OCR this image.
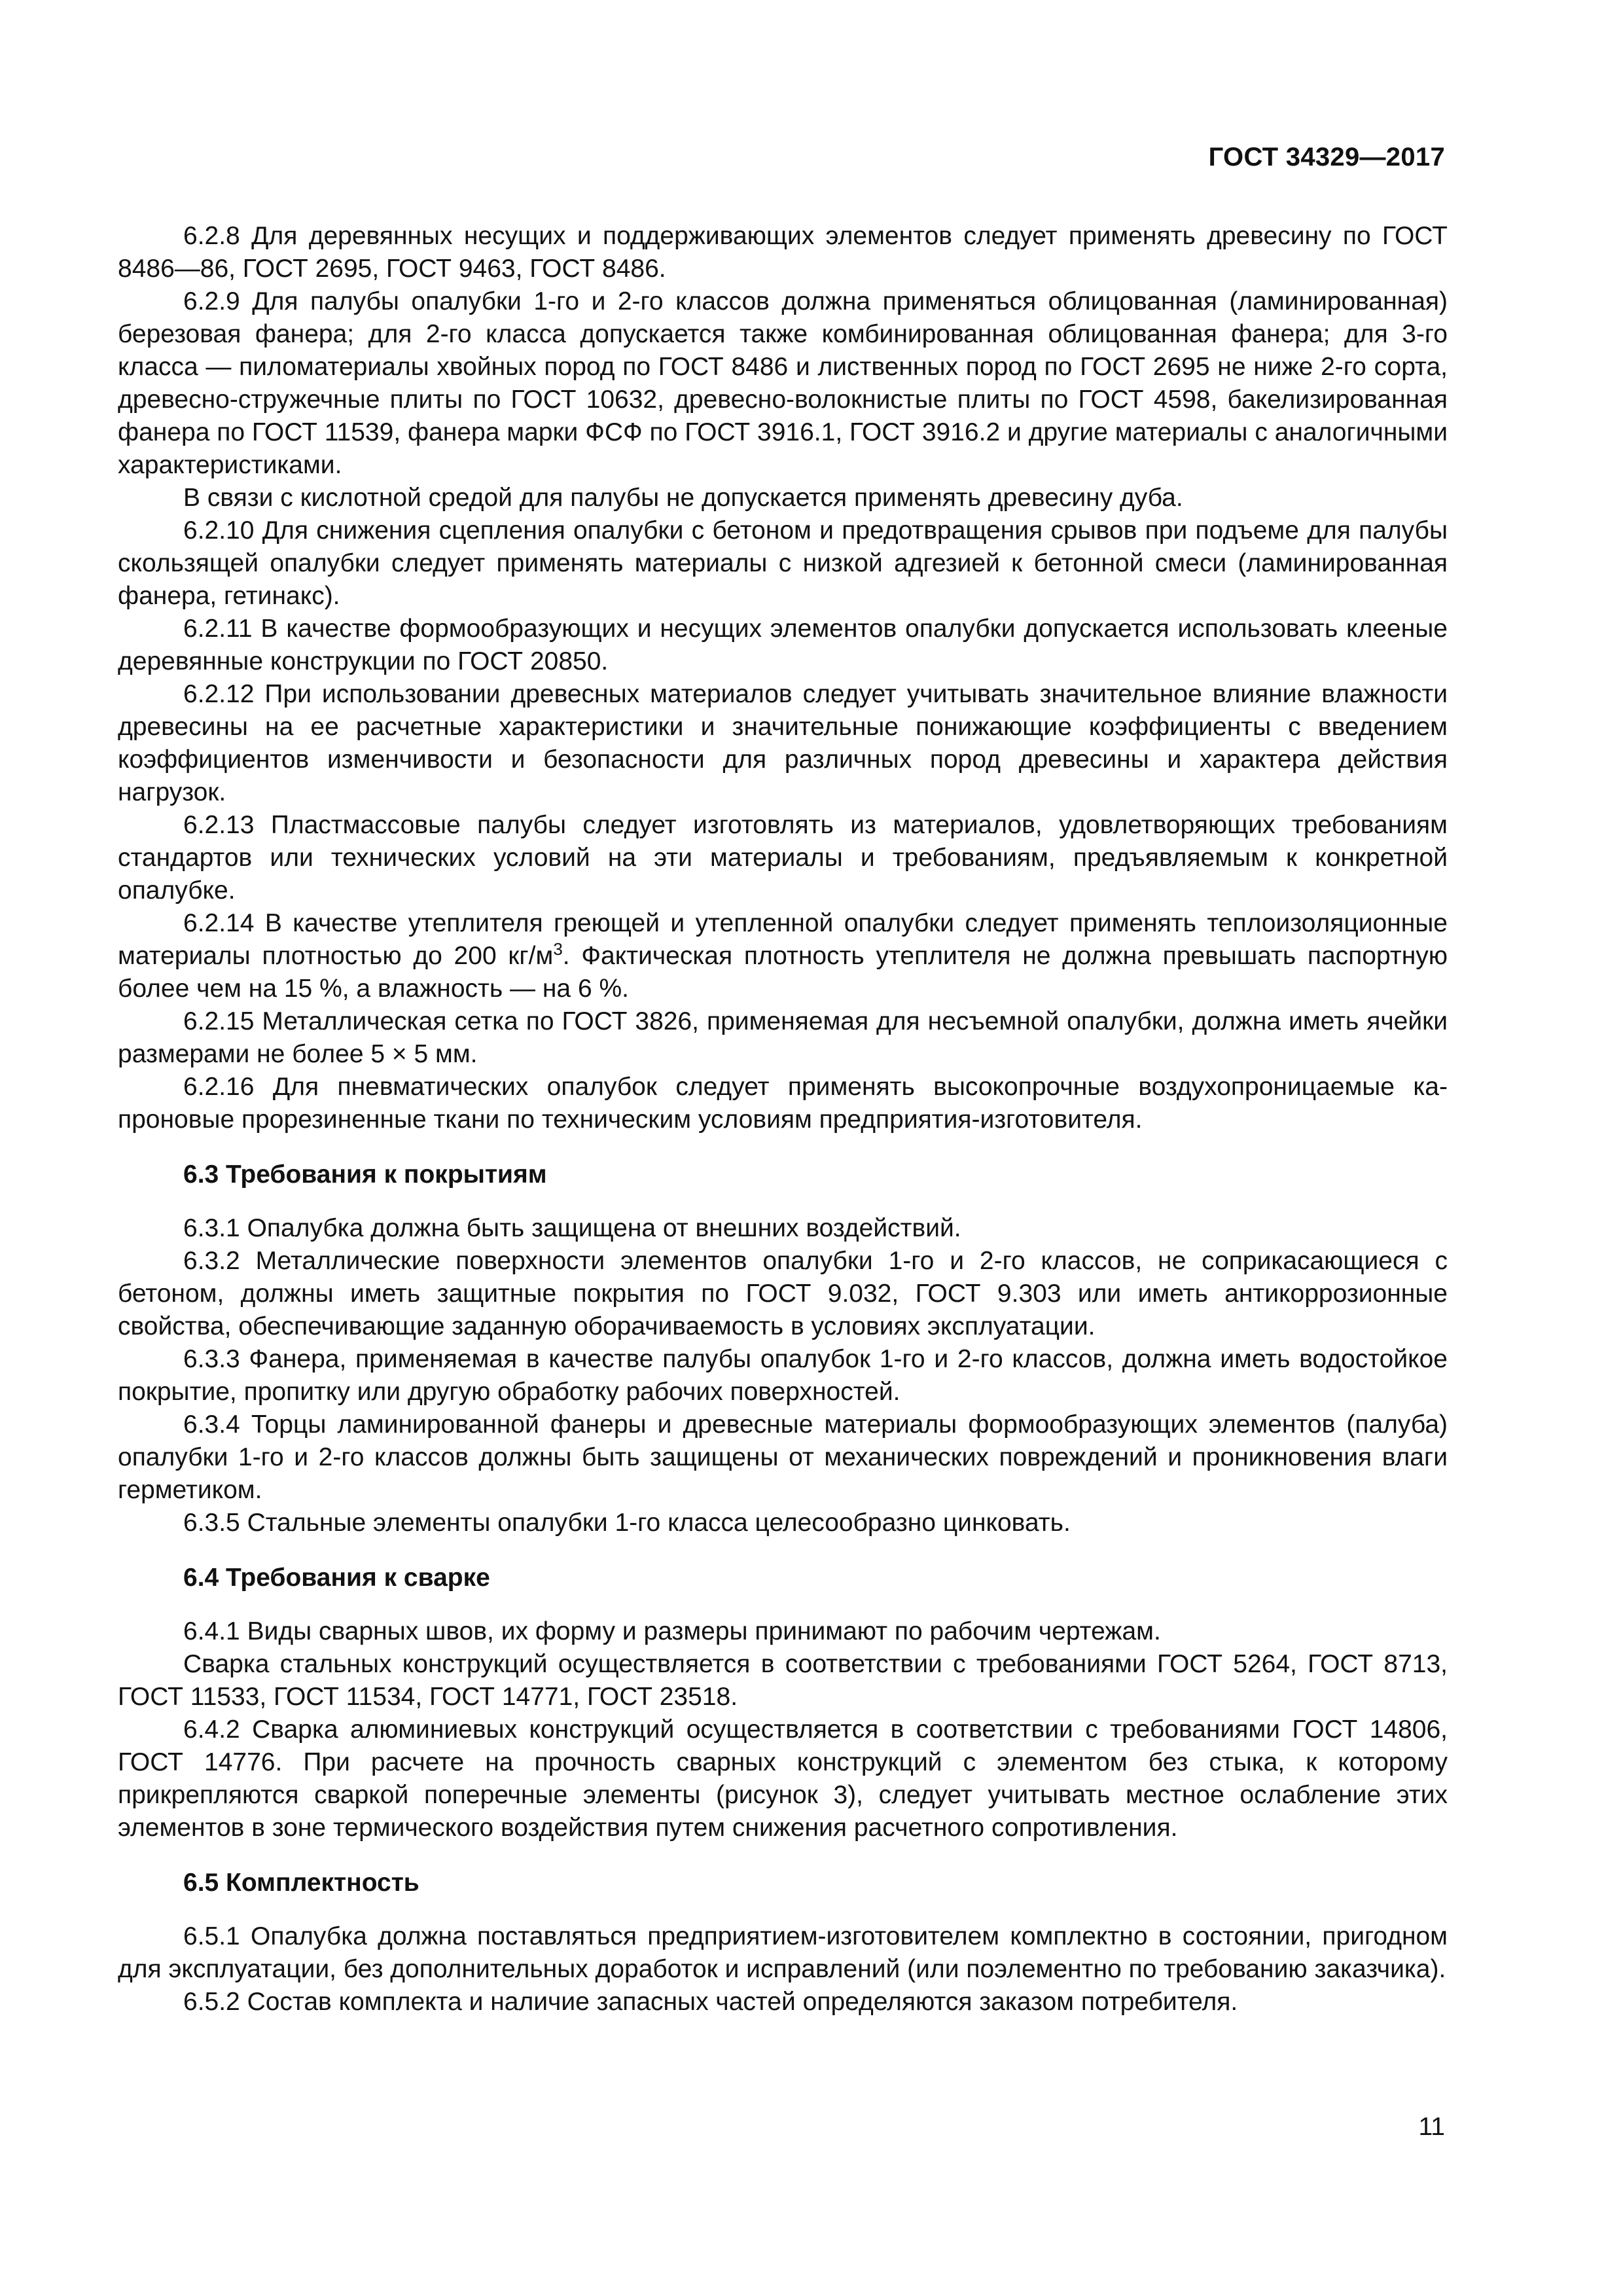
ГОСТ 34329—2017

6.2.8 Для деревянных несущих и поддерживающих элементов следует применять древесину по ГОСТ 8486—86, ГОСТ 2695, ГОСТ 9463, ГОСТ 8486.

6.2.9 Для палубы опалубки 1-го и 2-го классов должна применяться облицованная (ламинированная) березовая фанера; для 2-го класса допускается также комбинированная облицованная фанера; для 3-го класса — пиломатериалы хвойных пород по ГОСТ 8486 и лиственных пород по ГОСТ 2695 не ниже 2-го сорта, древесно-стружечные плиты по ГОСТ 10632, древесно-волокнистые плиты по ГОСТ 4598, бакелизированная фанера по ГОСТ 11539, фанера марки ФСФ по ГОСТ 3916.1, ГОСТ 3916.2 и другие материалы с аналогичными характеристиками.

В связи с кислотной средой для палубы не допускается применять древесину дуба.

6.2.10 Для снижения сцепления опалубки с бетоном и предотвращения срывов при подъеме для палубы скользящей опалубки следует применять материалы с низкой адгезией к бетонной смеси (ламинированная фанера, гетинакс).

6.2.11 В качестве формообразующих и несущих элементов опалубки допускается использовать клееные деревянные конструкции по ГОСТ 20850.

6.2.12 При использовании древесных материалов следует учитывать значительное влияние влажности древесины на ее расчетные характеристики и значительные понижающие коэффициенты с введением коэффициентов изменчивости и безопасности для различных пород древесины и характера действия нагрузок.

6.2.13 Пластмассовые палубы следует изготовлять из материалов, удовлетворяющих требованиям стандартов или технических условий на эти материалы и требованиям, предъявляемым к конкретной опалубке.

6.2.14 В качестве утеплителя греющей и утепленной опалубки следует применять теплоизоляционные материалы плотностью до 200 $кг/м^3$. Фактическая плотность утеплителя не должна превышать паспортную более чем на 15 %, а влажность — на 6 %.

6.2.15 Металлическая сетка по ГОСТ 3826, применяемая для несъемной опалубки, должна иметь ячейки размерами не более 5 × 5 мм.

6.2.16 Для пневматических опалубок следует применять высокопрочные воздухопроницаемые капроновые прорезиненные ткани по техническим условиям предприятия-изготовителя.

6.3 Требования к покрытиям

6.3.1 Опалубка должна быть защищена от внешних воздействий.

6.3.2 Металлические поверхности элементов опалубки 1-го и 2-го классов, не соприкасающиеся с бетоном, должны иметь защитные покрытия по ГОСТ 9.032, ГОСТ 9.303 или иметь антикоррозионные свойства, обеспечивающие заданную оборачиваемость в условиях эксплуатации.

6.3.3 Фанера, применяемая в качестве палубы опалубок 1-го и 2-го классов, должна иметь водостойкое покрытие, пропитку или другую обработку рабочих поверхностей.

6.3.4 Торцы ламинированной фанеры и древесные материалы формообразующих элементов (палуба) опалубки 1-го и 2-го классов должны быть защищены от механических повреждений и проникновения влаги герметиком.

6.3.5 Стальные элементы опалубки 1-го класса целесообразно цинковать.

6.4 Требования к сварке

6.4.1 Виды сварных швов, их форму и размеры принимают по рабочим чертежам.

Сварка стальных конструкций осуществляется в соответствии с требованиями ГОСТ 5264, ГОСТ 8713, ГОСТ 11533, ГОСТ 11534, ГОСТ 14771, ГОСТ 23518.

6.4.2 Сварка алюминиевых конструкций осуществляется в соответствии с требованиями ГОСТ 14806, ГОСТ 14776. При расчете на прочность сварных конструкций с элементом без стыка, к которому прикрепляются сваркой поперечные элементы (рисунок 3), следует учитывать местное ослабление этих элементов в зоне термического воздействия путем снижения расчетного сопротивления.

6.5 Комплектность

6.5.1 Опалубка должна поставляться предприятием-изготовителем комплектно в состоянии, пригодном для эксплуатации, без дополнительных доработок и исправлений (или поэлементно по требованию заказчика).

6.5.2 Состав комплекта и наличие запасных частей определяются заказом потребителя.

11
